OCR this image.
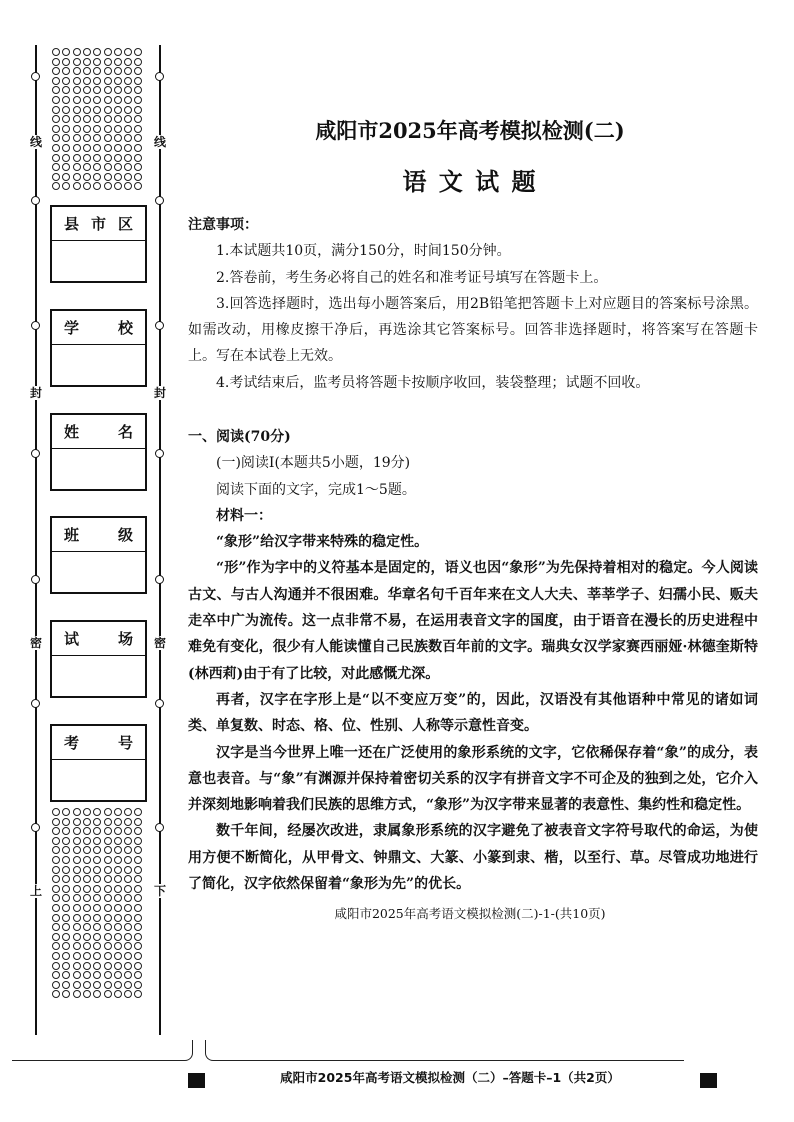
线	线
封	封
密	密
上	下
县 市 区
学	校
姓	名
班	级
试	场
考	号
咸阳市2025年高考模拟检测(二)
语 文 试 题

注意事项：

1.本试题共10页，满分150分，时间150分钟。

2.答卷前，考生务必将自己的姓名和准考证号填写在答题卡上。

3.回答选择题时，选出每小题答案后，用2B铅笔把答题卡上对应题目的答案标号涂黑。如需改动，用橡皮擦干净后，再选涂其它答案标号。回答非选择题时，将答案写在答题卡上。写在本试卷上无效。

4.考试结束后，监考员将答题卡按顺序收回，装袋整理；试题不回收。

一、阅读(70分)

(一)阅读Ⅰ(本题共5小题，19分)

阅读下面的文字，完成1～5题。

材料一：

“象形”给汉字带来特殊的稳定性。

“形”作为字中的义符基本是固定的，语义也因“象形”为先保持着相对的稳定。今人阅读古文、与古人沟通并不很困难。华章名句千百年来在文人大夫、莘莘学子、妇孺小民、贩夫走卒中广为流传。这一点非常不易，在运用表音文字的国度，由于语音在漫长的历史进程中难免有变化，很少有人能读懂自己民族数百年前的文字。瑞典女汉学家赛西丽娅·林德奎斯特(林西莉)由于有了比较，对此感慨尤深。

再者，汉字在字形上是“以不变应万变”的，因此，汉语没有其他语种中常见的诸如词类、单复数、时态、格、位、性别、人称等示意性音变。

汉字是当今世界上唯一还在广泛使用的象形系统的文字，它依稀保存着“象”的成分，表意也表音。与“象”有渊源并保持着密切关系的汉字有拼音文字不可企及的独到之处，它介入并深刻地影响着我们民族的思维方式，“象形”为汉字带来显著的表意性、集约性和稳定性。

数千年间，经屡次改进，隶属象形系统的汉字避免了被表音文字符号取代的命运，为使用方便不断简化，从甲骨文、钟鼎文、大篆、小篆到隶、楷，以至行、草。尽管成功地进行了简化，汉字依然保留着“象形为先”的优长。

咸阳市2025年高考语文模拟检测(二)-1-(共10页)
咸阳市2025年高考语文模拟检测（二）–答题卡–1（共2页）
